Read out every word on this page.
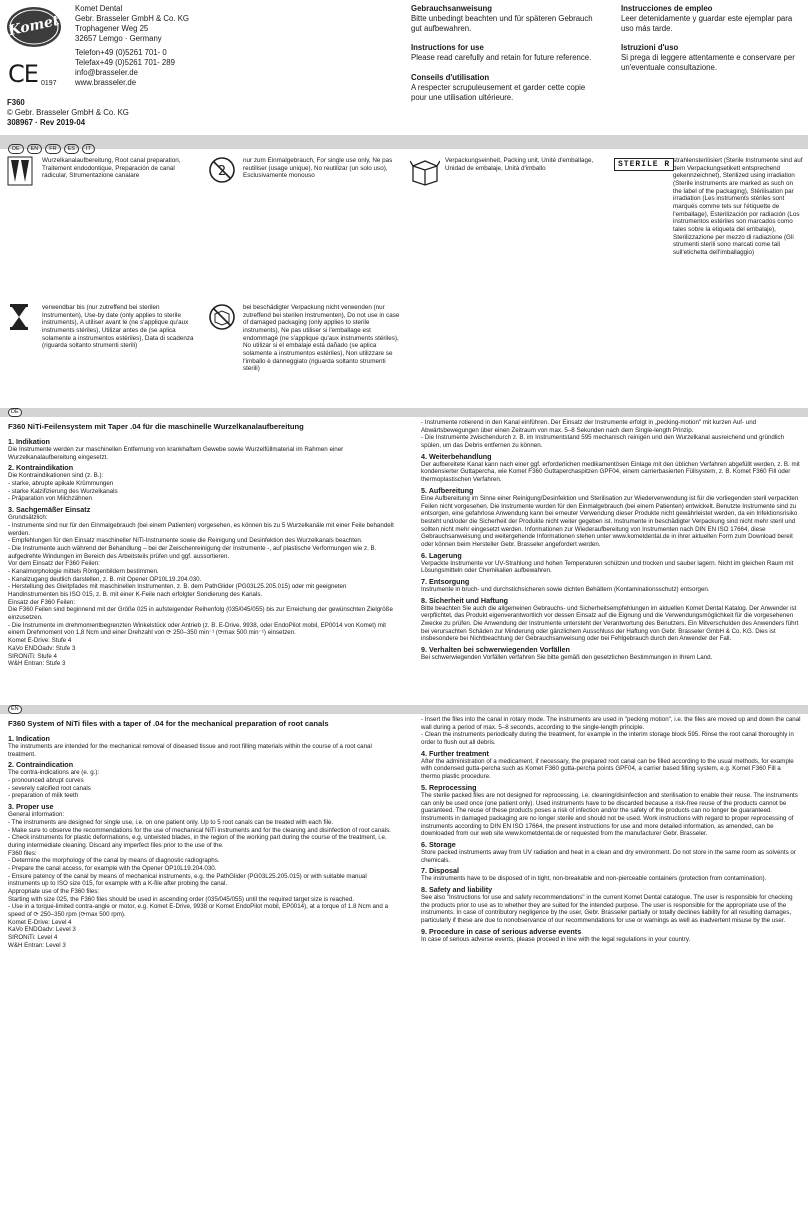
Komet
CE 0197
Komet Dental
Gebr. Brasseler GmbH & Co. KG
Trophagener Weg 25
32657 Lemgo · Germany
Telefon+49 (0)5261 701- 0
Telefax+49 (0)5261 701- 289
info@brasseler.de
www.brasseler.de
F360
© Gebr. Brasseler GmbH & Co. KG
308967 · Rev 2019-04
Gebrauchsanweisung
Bitte unbedingt beachten und für späteren Gebrauch gut aufbewahren.
Instructions for use
Please read carefully and retain for future reference.
Conseils d'utilisation
A respecter scrupuleusement et garder cette copie pour une utilisation ultérieure.
Instrucciones de empleo
Leer detenidamente y guardar este ejemplar para uso más tarde.
Istruzioni d'uso
Si prega di leggere attentamente e conservare per un'eventuale consultazione.
DE EN FR ES IT
Wurzelkanalaufbereitung, Root canal preparation, Traitement endodontique, Preparación de canal radicular, Strumentazione canalare	2
nur zum Einmalgebrauch, For single use only, Ne pas reutiliser (usage unique), No reutilizar (un solo uso), Esclusivamente monouso
Verpackungseinheit, Packing unit, Unité d'emballage, Unidad de embalaje, Unità d'imballo	STERILE R strahlensterilisiert (Sterile Instrumente sind auf dem Verpackungsetikett entsprechend gekennzeichnet), Sterilized using irradiation (Sterile instruments are marked as such on the label of the packaging), Stérilisation par irradiation (Les instruments stériles sont marqués comme tels sur l'étiquette de l'emballage), Esterilización por radiación (Los instrumentos estériles son marcados como tales sobre la etiqueta del embalaje), Sterilizzazione per mezzo di radiazione (Gli strumenti sterili sono marcati come tali sull'etichetta dell'imballaggio)
verwendbar bis (nur zutreffend bei sterilen Instrumenten), Use-by date (only applies to sterile instruments), A utiliser avant le (ne s'applique qu'aux instruments stériles), Utilizar antes de (se aplica solamente a instrumentos estériles), Data di scadenza (riguarda soltanto strumenti sterili)
bei beschädigter Verpackung nicht verwenden (nur zutreffend bei sterilen Instrumenten), Do not use in case of damaged packaging (only applies to sterile instruments), Ne pas utiliser si l'emballage est endommagé (ne s'applique qu'aux instruments stériles), No utilizar si el embalaje está dañado (se aplica solamente a instrumentos estériles), Non utilizzare se l'imballo è danneggiato (riguarda soltanto strumenti sterili)
DE
F360 NiTi-Feilensystem mit Taper .04 für die maschinelle Wurzelkanalaufbereitung
1. Indikation
Die Instrumente werden zur maschinellen Entfernung von krankhaftem Gewebe sowie Wurzelfüllmaterial im Rahmen einer Wurzelkanalaufbereitung eingesetzt.
2. Kontraindikation
Die Kontraindikationen sind (z. B.):
- starke, abrupte apikale Krümmungen
- starke Kalzifizierung des Wurzelkanals
- Präparation von Milchzähnen
3. Sachgemäßer Einsatz
Grundsätzlich:
- Instrumente sind nur für den Einmalgebrauch (bei einem Patienten) vorgesehen, es können bis zu 5 Wurzelkanäle mit einer Feile behandelt werden.
- Empfehlungen für den Einsatz maschineller NiTi-Instrumente sowie die Reinigung und Desinfektion des Wurzelkanals beachten.
- Die Instrumente auch während der Behandlung – bei der Zwischenreinigung der Instrumente -, auf plastische Verformungen wie z. B. aufgedrehte Windungen im Bereich des Arbeitsteils prüfen und ggf. aussortieren.
Vor dem Einsatz der F360 Feilen:
- Kanalmorphologie mittels Röntgenbildern bestimmen.
- Kanalzugang deutlich darstellen, z. B. mit Opener OP10L19.204.030.
- Herstellung des Gleitpfades mit maschinellen Instrumenten, z. B. dem PathGlider (PG03L25.205.015) oder mit geeigneten Handinstrumenten bis ISO 015, z. B. mit einer K-Feile nach erfolgter Sondierung des Kanals.
Einsatz der F360 Feilen:
Die F360 Feilen sind beginnend mit der Größe 025 in aufsteigender Reihenfolg (035/045/055) bis zur Erreichung der gewünschten Zielgröße einzusetzen.
- Die Instrumente im drehmomentbegrenzten Winkelstück oder Antrieb (z. B. E-Drive, 9938, oder EndoPilot mobil, EP0014 von Komet) mit einem Drehmoment von 1,8 Ncm und einer Drehzahl von ⟳ 250–350 min⁻¹ (⟳max 500 min⁻¹) einsetzen.
Komet E-Drive: Stufe 4
KaVo ENDOadv: Stufe 3
SIRONiTi: Stufe 4
W&H Entran: Stufe 3
- Instrumente rotierend in den Kanal einführen. Der Einsatz der Instrumente erfolgt in „pecking-motion" mit kurzen Auf- und Abwärtsbewegungen über einen Zeitraum von max. 5–8 Sekunden nach dem Single-length Prinzip.
- Die Instrumente zwischendurch z. B. im Instrumentstand 595 mechanisch reinigen und den Wurzelkanal ausreichend und gründlich spülen, um das Debris entfernen zu können.
4. Weiterbehandlung
Der aufbereitete Kanal kann nach einer ggf. erforderlichen medikamentösen Einlage mit den üblichen Verfahren abgefüllt werden, z. B. mit kondensierter Guttapercha, wie Komet F360 Guttaperchaspitzen GPF04, einem carrierbasierten Füllsystem, z. B. Komet F360 Fill oder thermoplastischen Verfahren.
5. Aufbereitung
Eine Aufbereitung im Sinne einer Reinigung/Desinfektion und Sterilisation zur Wiederverwendung ist für die vorliegenden steril verpackten Feilen nicht vorgesehen. Die Instrumente wurden für den Einmalgebrauch (bei einem Patienten) entwickelt. Benutzte Instrumente sind zu entsorgen, eine gefahrlose Anwendung kann bei erneuter Verwendung dieser Produkte nicht gewährleistet werden, da ein Infektionsrisiko besteht und/oder die Sicherheit der Produkte nicht weiter gegeben ist. Instrumente in beschädigter Verpackung sind nicht mehr steril und sollten nicht mehr eingesetzt werden. Informationen zur Wiederaufbereitung von Instrumenten nach DIN EN ISO 17664, diese Gebrauchsanweisung und weitergehende Informationen stehen unter www.kometdental.de in ihrer aktuellen Form zum Download bereit oder können beim Hersteller Gebr. Brasseler angefordert werden.
6. Lagerung
Verpackte Instrumente vor UV-Strahlung und hohen Temperaturen schützen und trocken und sauber lagern. Nicht im gleichen Raum mit Lösungsmitteln oder Chemikalien aufbewahren.
7. Entsorgung
Instrumente in bruch- und durchstichsicheren sowie dichten Behältern (Kontaminationsschutz) entsorgen.
8. Sicherheit und Haftung
Bitte beachten Sie auch die allgemeinen Gebrauchs- und Sicherheitsempfehlungen im aktuellen Komet Dental Katalog. Der Anwender ist verpflichtet, das Produkt eigenverantwortlich vor dessen Einsatz auf die Eignung und die Verwendungsmöglichkeit für die vorgesehenen Zwecke zu prüfen. Die Anwendung der Instrumente untersteht der Verantwortung des Benutzers. Ein Mitverschulden des Anwenders führt bei verursachten Schäden zur Minderung oder gänzlichem Ausschluss der Haftung von Gebr. Brasseler GmbH & Co. KG. Dies ist insbesondere bei Nichtbeachtung der Gebrauchsanweisung oder bei Fehlgebrauch durch den Anwender der Fall.
9. Verhalten bei schwerwiegenden Vorfällen
Bei schwerwiegenden Vorfällen verfahren Sie bitte gemäß den gesetzlichen Bestimmungen in Ihrem Land.
EN
F360 System of NiTi files with a taper of .04 for the mechanical preparation of root canals
1. Indication
The instruments are intended for the mechanical removal of diseased tissue and root filling materials within the course of a root canal treatment.
2. Contraindication
The contra-indications are (e. g.):
- pronounced abrupt curves
- severely calcified root canals
- preparation of milk teeth
3. Proper use
General information:
- The instruments are designed for single use, i.e. on one patient only. Up to 5 root canals can be treated with each file.
- Make sure to observe the recommendations for the use of mechanical NiTi instruments and for the cleaning and disinfection of root canals.
- Check instruments for plastic deformations, e.g. untwisted blades, in the region of the working part during the course of the treatment, i.e. during intermediate cleaning. Discard any imperfect files prior to the use of the.
F360 files:
- Determine the morphology of the canal by means of diagnostic radiographs.
- Prepare the canal access, for example with the Opener OP10L19.204.030.
- Ensure patency of the canal by means of mechanical instruments, e.g. the PathGlider (PG03L25.205.015) or with suitable manual instruments up to ISO size 015, for example with a K-file after probing the canal.
Appropriate use of the F360 files:
Starting with size 025, the F360 files should be used in ascending order (035/045/055) until the required target size is reached.
- Use in a torque-limited contra-angle or motor, e.g. Komet E-Drive, 9938 or Komet EndoPilot mobil, EP0014), at a torque of 1.8 Ncm and a speed of ⟳ 250–350 rpm (⟳max 500 rpm).
Komet E-Drive: Level 4
KaVo ENDOadv: Level 3
SIRONiTi: Level 4
W&H Entran: Level 3
- Insert the files into the canal in rotary mode. The instruments are used in "pecking motion", i.e. the files are moved up and down the canal wall during a period of max. 5–8 seconds, according to the single-length principle.
- Clean the instruments periodically during the treatment, for example in the interim storage block 595. Rinse the root canal thoroughly in order to flush out all debris.
4. Further treatment
After the administration of a medicament, if necessary, the prepared root canal can be filled according to the usual methods, for example with condensed gutta-percha such as Komet F360 gutta-percha points GPF04, a carrier based filling system, e.g. Komet F360 Fill a thermo plastic procedure.
5. Reprocessing
The sterile packed files are not designed for reprocessing, i.e. cleaning/disinfection and sterilisation to enable their reuse. The instruments can only be used once (one patient only). Used instruments have to be discarded because a risk-free reuse of the products cannot be guaranteed. The reuse of these products poses a risk of infection and/or the safety of the products can no longer be guaranteed. Instruments in damaged packaging are no longer sterile and should not be used. Work instructions with regard to proper reprocessing of instruments according to DIN EN ISO 17664, the present instructions for use and more detailed information, as amended, can be downloaded from our web site www.kometdental.de or requested from the manufacturer Gebr. Brasseler.
6. Storage
Store packed instruments away from UV radiation and heat in a clean and dry environment. Do not store in the same room as solvents or chemicals.
7. Disposal
The instruments have to be disposed of in tight, non-breakable and non-pierceable containers (protection from contamination).
8. Safety and liability
See also "Instructions for use and safety recommendations" in the current Komet Dental catalogue. The user is responsible for checking the products prior to use as to whether they are suited for the intended purpose. The user is responsible for the appropriate use of the instruments. In case of contributory negligence by the user, Gebr. Brasseler partially or totally declines liability for all resulting damages, particularly if these are due to nonobservance of our recommendations for use or warnings as well as inadvertent misuse by the user.
9. Procedure in case of serious adverse events
In case of serious adverse events, please proceed in line with the legal regulations in your country.
